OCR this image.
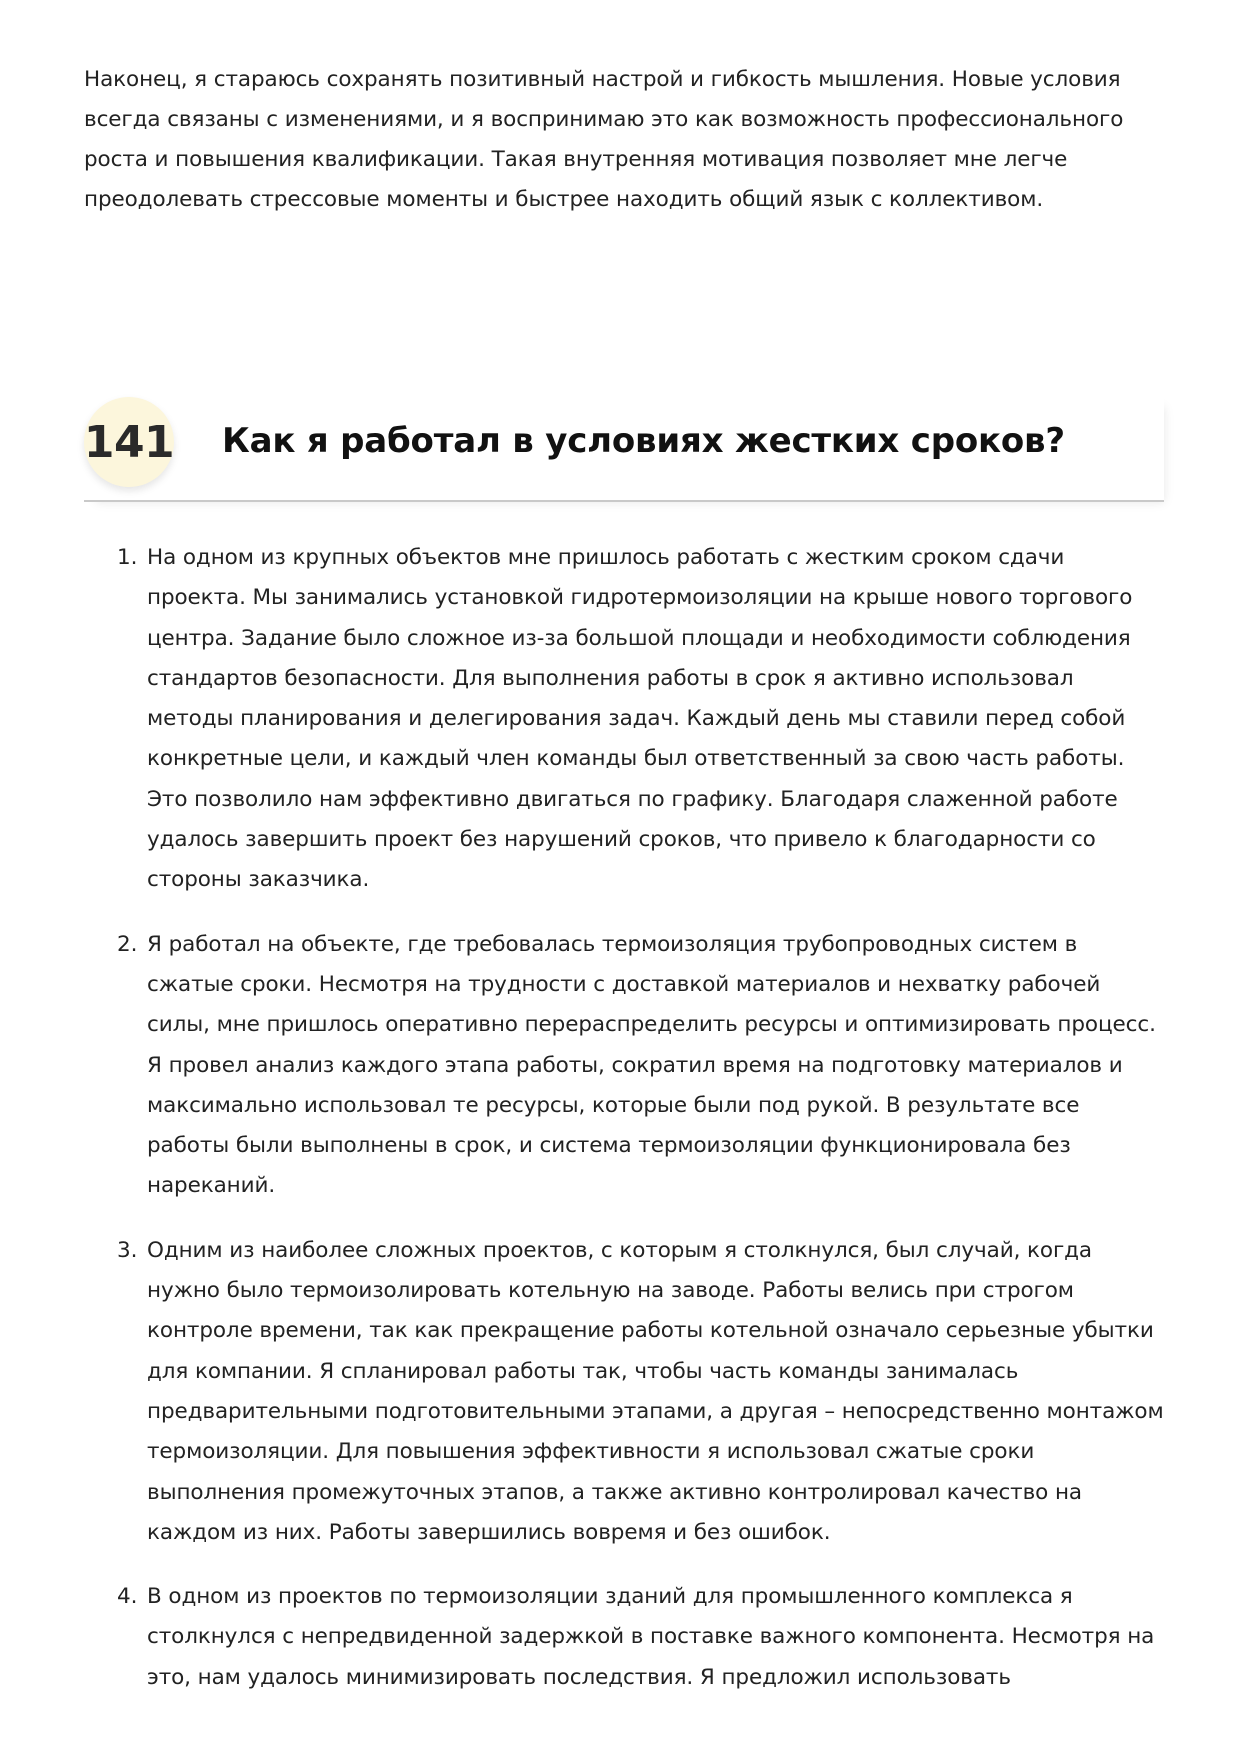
Наконец, я стараюсь сохранять позитивный настрой и гибкость мышления. Новые условия всегда связаны с изменениями, и я воспринимаю это как возможность профессионального роста и повышения квалификации. Такая внутренняя мотивация позволяет мне легче преодолевать стрессовые моменты и быстрее находить общий язык с коллективом.

141 Как я работал в условиях жестких сроков?
1. На одном из крупных объектов мне пришлось работать с жестким сроком сдачи проекта. Мы занимались установкой гидротермоизоляции на крыше нового торгового центра. Задание было сложное из-за большой площади и необходимости соблюдения стандартов безопасности. Для выполнения работы в срок я активно использовал методы планирования и делегирования задач. Каждый день мы ставили перед собой конкретные цели, и каждый член команды был ответственный за свою часть работы. Это позволило нам эффективно двигаться по графику. Благодаря слаженной работе удалось завершить проект без нарушений сроков, что привело к благодарности со стороны заказчика.
2. Я работал на объекте, где требовалась термоизоляция трубопроводных систем в сжатые сроки. Несмотря на трудности с доставкой материалов и нехватку рабочей силы, мне пришлось оперативно перераспределить ресурсы и оптимизировать процесс. Я провел анализ каждого этапа работы, сократил время на подготовку материалов и максимально использовал те ресурсы, которые были под рукой. В результате все работы были выполнены в срок, и система термоизоляции функционировала без нареканий.
3. Одним из наиболее сложных проектов, с которым я столкнулся, был случай, когда нужно было термоизолировать котельную на заводе. Работы велись при строгом контроле времени, так как прекращение работы котельной означало серьезные убытки для компании. Я спланировал работы так, чтобы часть команды занималась предварительными подготовительными этапами, а другая – непосредственно монтажом термоизоляции. Для повышения эффективности я использовал сжатые сроки выполнения промежуточных этапов, а также активно контролировал качество на каждом из них. Работы завершились вовремя и без ошибок.
4. В одном из проектов по термоизоляции зданий для промышленного комплекса я столкнулся с непредвиденной задержкой в поставке важного компонента. Несмотря на это, нам удалось минимизировать последствия. Я предложил использовать
